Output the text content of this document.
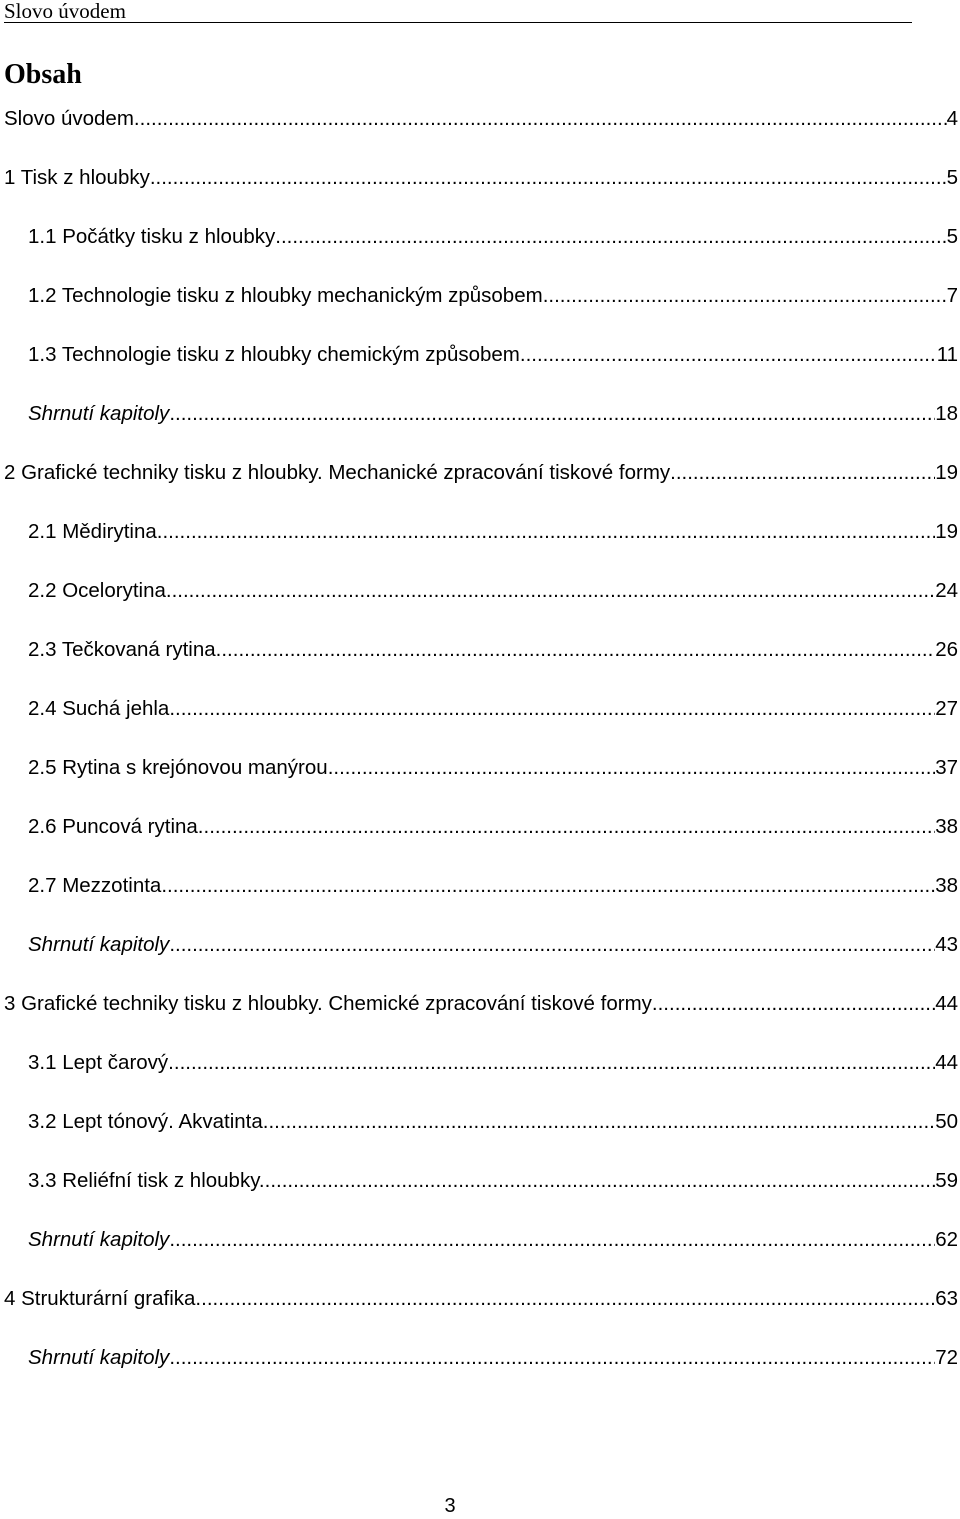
Slovo úvodem
Obsah
Slovo úvodem .....	4
1 Tisk z hloubky .....	5
1.1 Počátky tisku z hloubky .....	5
1.2 Technologie tisku z hloubky mechanickým způsobem .....	7
1.3 Technologie tisku z hloubky chemickým způsobem .....	11
Shrnutí kapitoly .....	18
2 Grafické techniky tisku z hloubky. Mechanické zpracování tiskové formy .....	19
2.1 Mědirytina .....	19
2.2 Ocelorytina .....	24
2.3 Tečkovaná rytina .....	26
2.4 Suchá jehla .....	27
2.5 Rytina s krejónovou manýrou .....	37
2.6 Puncová rytina .....	38
2.7 Mezzotinta .....	38
Shrnutí kapitoly .....	43
3 Grafické techniky tisku z hloubky. Chemické zpracování tiskové formy .....	44
3.1 Lept čarový .....	44
3.2 Lept tónový. Akvatinta .....	50
3.3 Reliéfní tisk z hloubky. .....	59
Shrnutí kapitoly .....	62
4 Strukturární grafika .....	63
Shrnutí kapitoly .....	72
3
